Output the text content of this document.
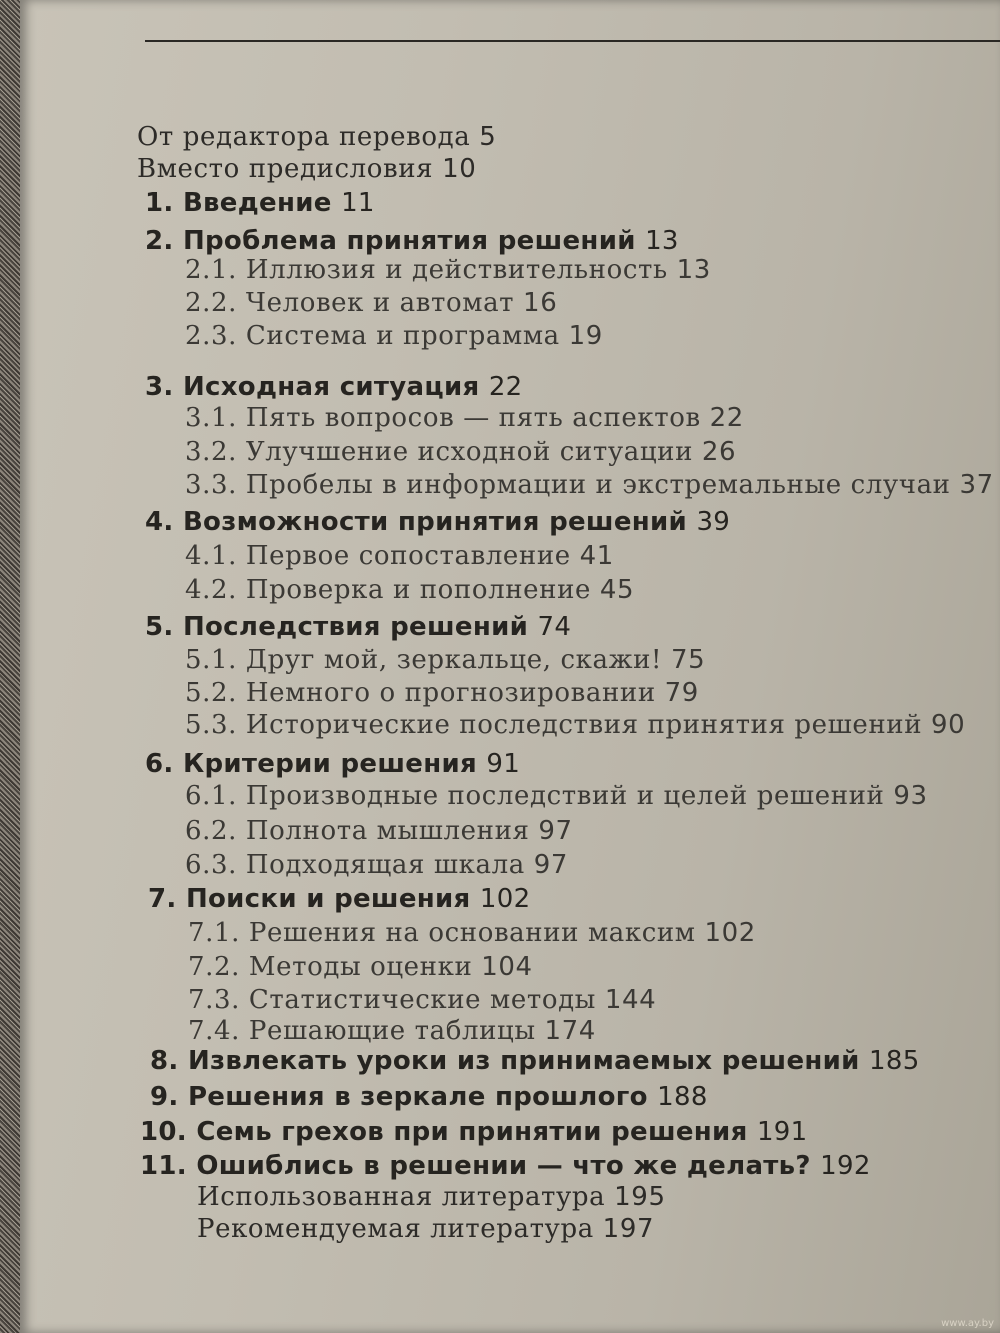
От редактора перевода 5
Вместо предисловия 10
1. Введение 11
2. Проблема принятия решений 13
2.1. Иллюзия и действительность 13
2.2. Человек и автомат 16
2.3. Система и программа 19
3. Исходная ситуация 22
3.1. Пять вопросов — пять аспектов 22
3.2. Улучшение исходной ситуации 26
3.3. Пробелы в информации и экстремальные случаи 37
4. Возможности принятия решений 39
4.1. Первое сопоставление 41
4.2. Проверка и пополнение 45
5. Последствия решений 74
5.1. Друг мой, зеркальце, скажи! 75
5.2. Немного о прогнозировании 79
5.3. Исторические последствия принятия решений 90
6. Критерии решения 91
6.1. Производные последствий и целей решений 93
6.2. Полнота мышления 97
6.3. Подходящая шкала 97
7. Поиски и решения 102
7.1. Решения на основании максим 102
7.2. Методы оценки 104
7.3. Статистические методы 144
7.4. Решающие таблицы 174
8. Извлекать уроки из принимаемых решений 185
9. Решения в зеркале прошлого 188
10. Семь грехов при принятии решения 191
11. Ошиблись в решении — что же делать? 192
Использованная литература 195
Рекомендуемая литература 197
www.ay.by
